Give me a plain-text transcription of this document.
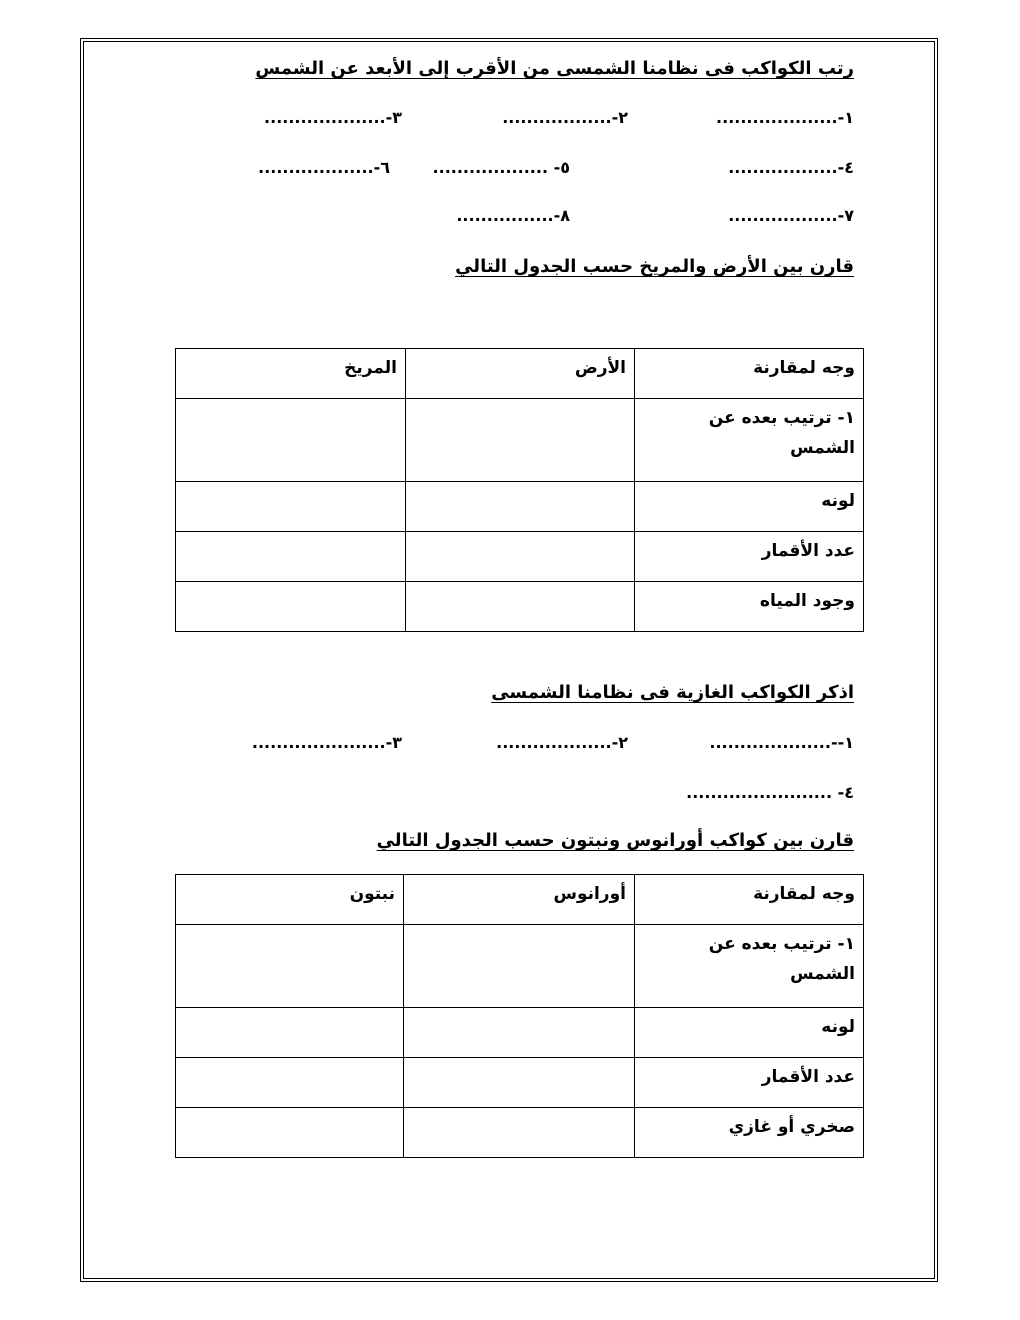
رتب الكواكب فى نظامنا الشمسى من الأقرب إلى الأبعد عن الشمس
١-....................
٢-..................
٣-....................
٤-..................
٥- ...................
٦-...................
٧-..................
٨-................
قارن بين الأرض والمريخ حسب الجدول التالي
وجه لمقارنة	الأرض	المريخ
١- ترتيب بعده عن الشمس		
لونه		
عدد الأقمار		
وجود المياه		
اذكر الكواكب الغازية فى نظامنا الشمسى
١--....................
٢-...................
٣-......................
٤- ........................
قارن بين كواكب أورانوس ونبتون حسب الجدول التالي
وجه لمقارنة	أورانوس	نبتون
١- ترتيب بعده عن الشمس		
لونه		
عدد الأقمار		
صخري أو غازي		
